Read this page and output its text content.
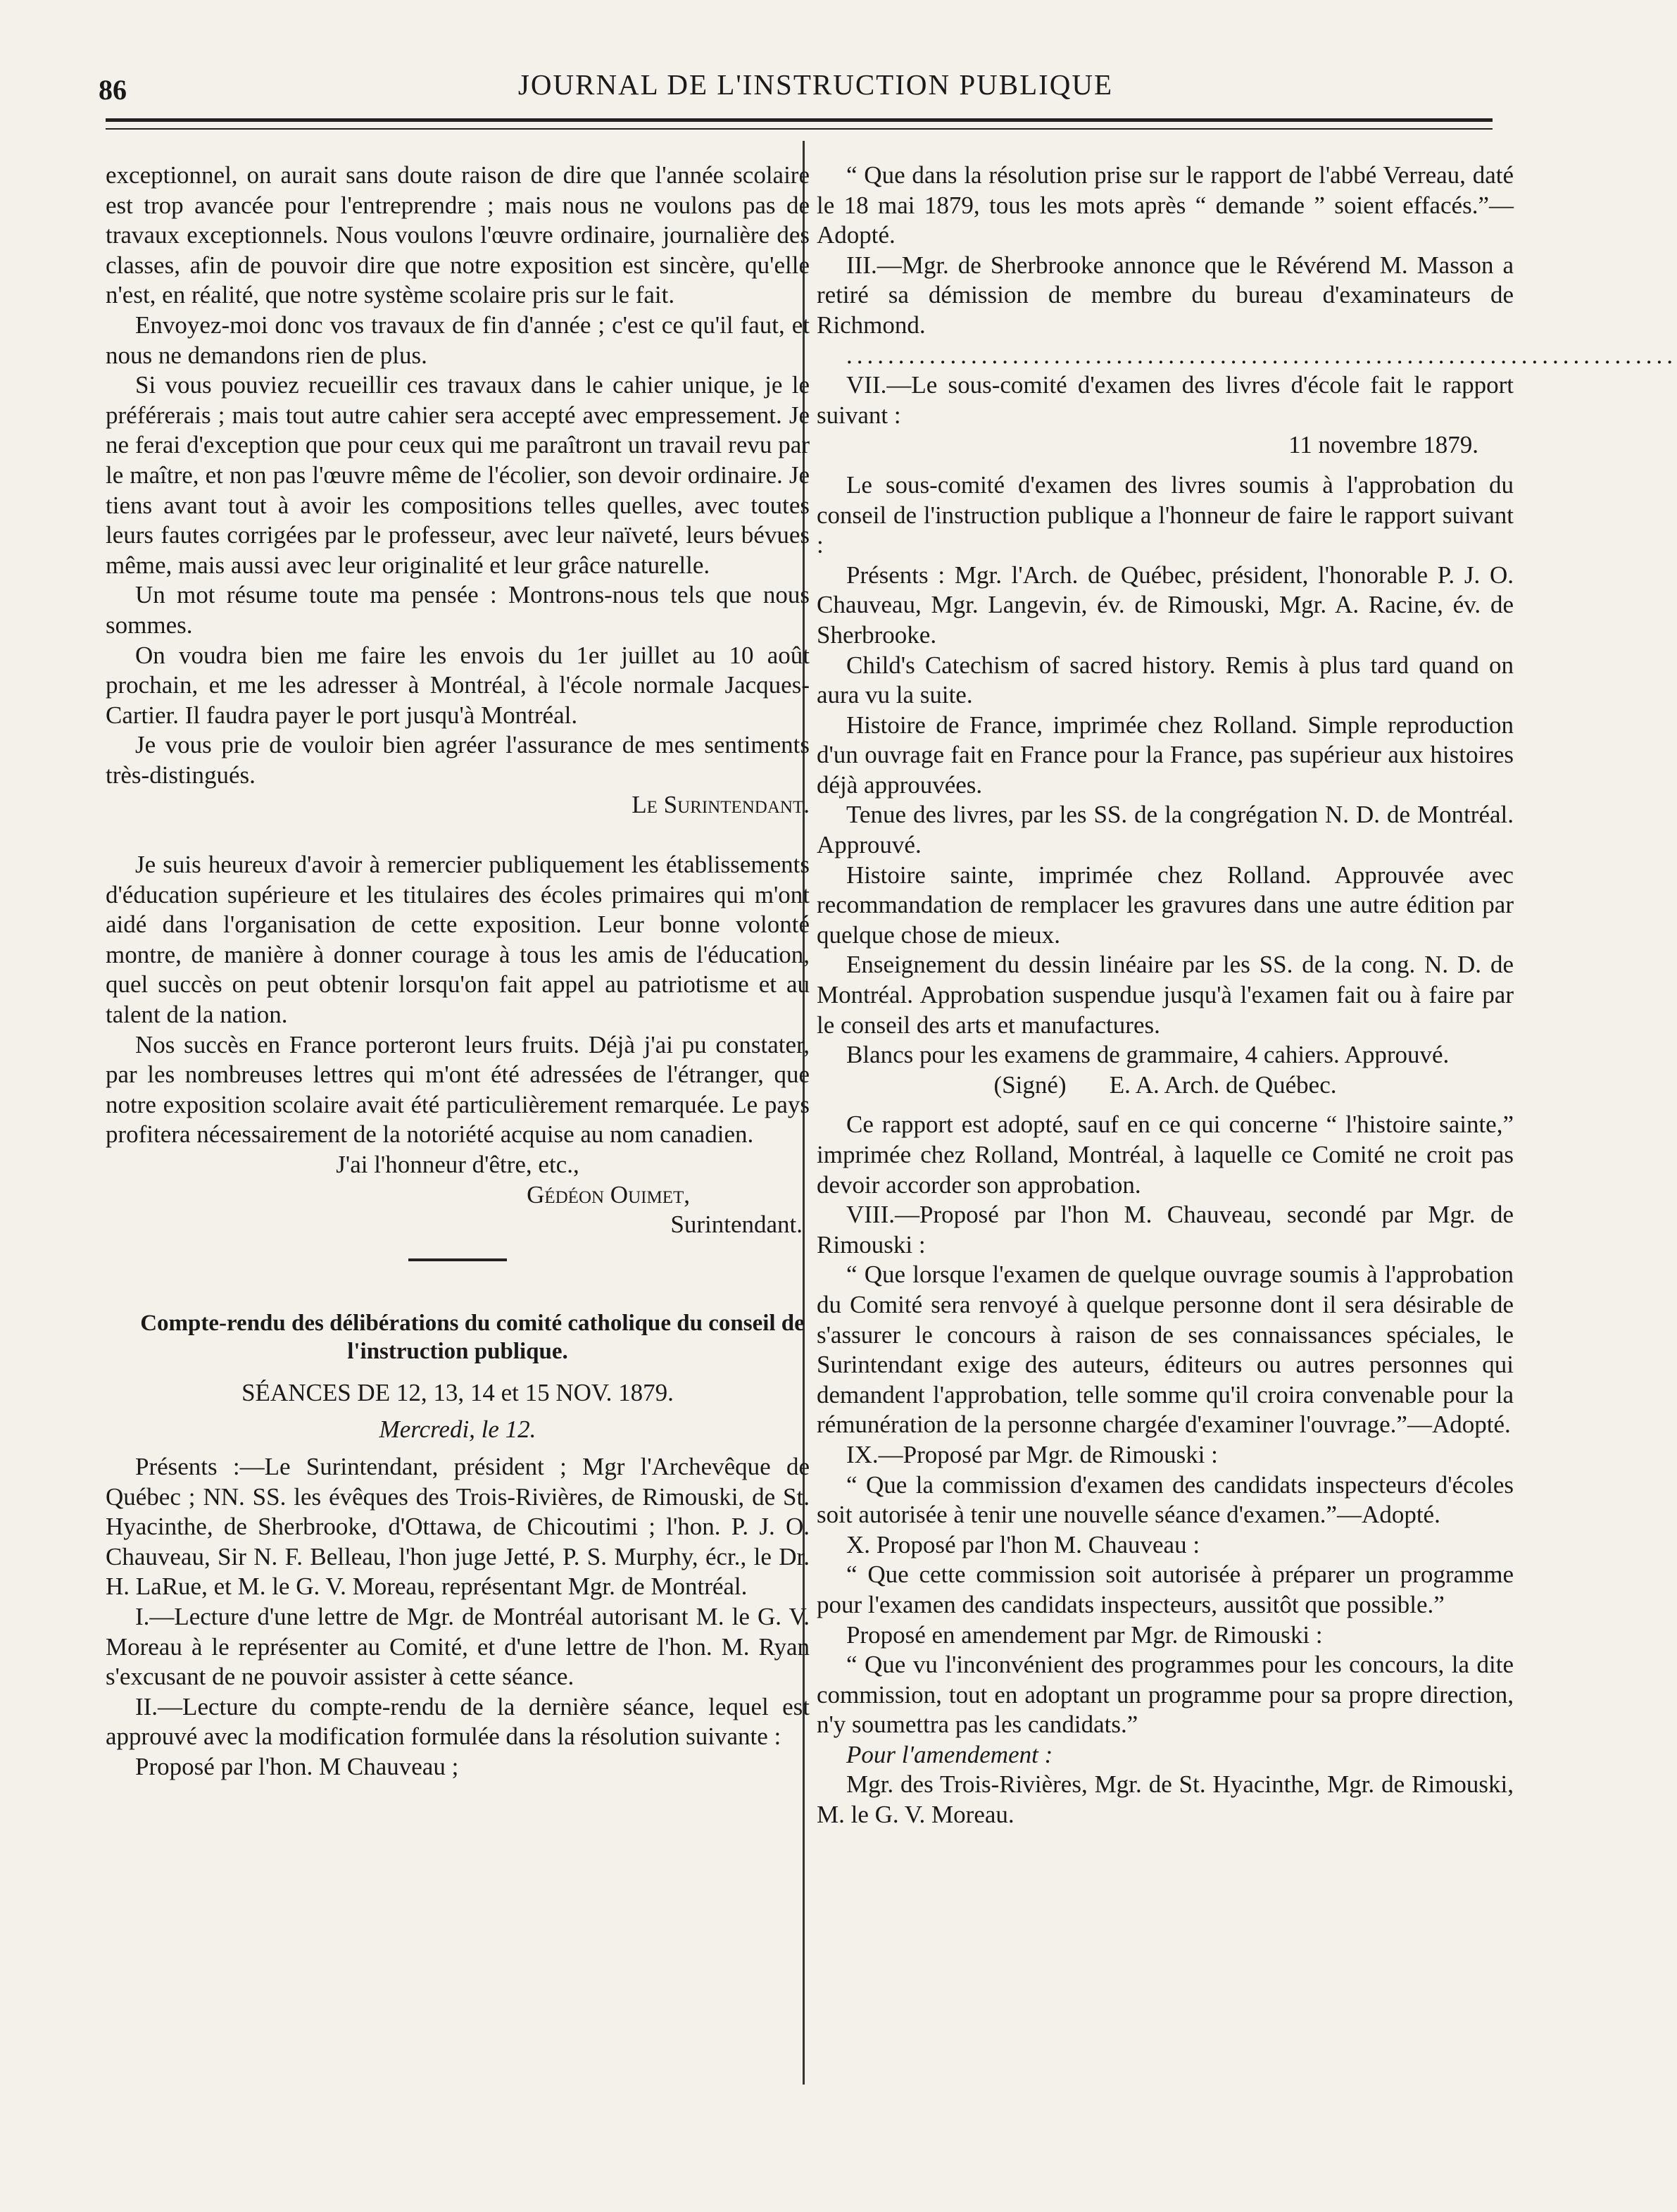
86	JOURNAL DE L'INSTRUCTION PUBLIQUE

exceptionnel, on aurait sans doute raison de dire que l'année scolaire est trop avancée pour l'entreprendre ; mais nous ne voulons pas de travaux exceptionnels. Nous voulons l'œuvre ordinaire, journalière des classes, afin de pouvoir dire que notre exposition est sincère, qu'elle n'est, en réalité, que notre système scolaire pris sur le fait.

Envoyez-moi donc vos travaux de fin d'année ; c'est ce qu'il faut, et nous ne demandons rien de plus.

Si vous pouviez recueillir ces travaux dans le cahier unique, je le préférerais ; mais tout autre cahier sera accepté avec empressement. Je ne ferai d'exception que pour ceux qui me paraîtront un travail revu par le maître, et non pas l'œuvre même de l'écolier, son devoir ordinaire. Je tiens avant tout à avoir les compositions telles quelles, avec toutes leurs fautes corrigées par le professeur, avec leur naïveté, leurs bévues même, mais aussi avec leur originalité et leur grâce naturelle.

Un mot résume toute ma pensée : Montrons-nous tels que nous sommes.

On voudra bien me faire les envois du 1er juillet au 10 août prochain, et me les adresser à Montréal, à l'école normale Jacques-Cartier. Il faudra payer le port jusqu'à Montréal.

Je vous prie de vouloir bien agréer l'assurance de mes sentiments très-distingués.

Le Surintendant.

Je suis heureux d'avoir à remercier publiquement les établissements d'éducation supérieure et les titulaires des écoles primaires qui m'ont aidé dans l'organisation de cette exposition. Leur bonne volonté montre, de manière à donner courage à tous les amis de l'éducation, quel succès on peut obtenir lorsqu'on fait appel au patriotisme et au talent de la nation.

Nos succès en France porteront leurs fruits. Déjà j'ai pu constater, par les nombreuses lettres qui m'ont été adressées de l'étranger, que notre exposition scolaire avait été particulièrement remarquée. Le pays profitera nécessairement de la notoriété acquise au nom canadien.

J'ai l'honneur d'être, etc.,

Gédéon Ouimet,

Surintendant.

Compte-rendu des délibérations du comité catholique du conseil de l'instruction publique.

SÉANCES DE 12, 13, 14 et 15 NOV. 1879.

Mercredi, le 12.

Présents :—Le Surintendant, président ; Mgr l'Archevêque de Québec ; NN. SS. les évêques des Trois-Rivières, de Rimouski, de St. Hyacinthe, de Sherbrooke, d'Ottawa, de Chicoutimi ; l'hon. P. J. O. Chauveau, Sir N. F. Belleau, l'hon juge Jetté, P. S. Murphy, écr., le Dr. H. LaRue, et M. le G. V. Moreau, représentant Mgr. de Montréal.

I.—Lecture d'une lettre de Mgr. de Montréal autorisant M. le G. V. Moreau à le représenter au Comité, et d'une lettre de l'hon. M. Ryan s'excusant de ne pouvoir assister à cette séance.

II.—Lecture du compte-rendu de la dernière séance, lequel est approuvé avec la modification formulée dans la résolution suivante :

Proposé par l'hon. M Chauveau ;

“ Que dans la résolution prise sur le rapport de l'abbé Verreau, daté le 18 mai 1879, tous les mots après “ demande ” soient effacés.”—Adopté.

III.—Mgr. de Sherbrooke annonce que le Révérend M. Masson a retiré sa démission de membre du bureau d'examinateurs de Richmond.

................................................................................

VII.—Le sous-comité d'examen des livres d'école fait le rapport suivant :

11 novembre 1879.

Le sous-comité d'examen des livres soumis à l'approbation du conseil de l'instruction publique a l'honneur de faire le rapport suivant :

Présents : Mgr. l'Arch. de Québec, président, l'honorable P. J. O. Chauveau, Mgr. Langevin, év. de Rimouski, Mgr. A. Racine, év. de Sherbrooke.

Child's Catechism of sacred history. Remis à plus tard quand on aura vu la suite.

Histoire de France, imprimée chez Rolland. Simple reproduction d'un ouvrage fait en France pour la France, pas supérieur aux histoires déjà approuvées.

Tenue des livres, par les SS. de la congrégation N. D. de Montréal. Approuvé.

Histoire sainte, imprimée chez Rolland. Approuvée avec recommandation de remplacer les gravures dans une autre édition par quelque chose de mieux.

Enseignement du dessin linéaire par les SS. de la cong. N. D. de Montréal. Approbation suspendue jusqu'à l'examen fait ou à faire par le conseil des arts et manufactures.

Blancs pour les examens de grammaire, 4 cahiers. Approuvé.

(Signé)       E. A. Arch. de Québec.

Ce rapport est adopté, sauf en ce qui concerne “ l'histoire sainte,” imprimée chez Rolland, Montréal, à laquelle ce Comité ne croit pas devoir accorder son approbation.

VIII.—Proposé par l'hon M. Chauveau, secondé par Mgr. de Rimouski :

“ Que lorsque l'examen de quelque ouvrage soumis à l'approbation du Comité sera renvoyé à quelque personne dont il sera désirable de s'assurer le concours à raison de ses connaissances spéciales, le Surintendant exige des auteurs, éditeurs ou autres personnes qui demandent l'approbation, telle somme qu'il croira convenable pour la rémunération de la personne chargée d'examiner l'ouvrage.”—Adopté.

IX.—Proposé par Mgr. de Rimouski :

“ Que la commission d'examen des candidats inspecteurs d'écoles soit autorisée à tenir une nouvelle séance d'examen.”—Adopté.

X. Proposé par l'hon M. Chauveau :

“ Que cette commission soit autorisée à préparer un programme pour l'examen des candidats inspecteurs, aussitôt que possible.”

Proposé en amendement par Mgr. de Rimouski :

“ Que vu l'inconvénient des programmes pour les concours, la dite commission, tout en adoptant un programme pour sa propre direction, n'y soumettra pas les candidats.”

Pour l'amendement :

Mgr. des Trois-Rivières, Mgr. de St. Hyacinthe, Mgr. de Rimouski, M. le G. V. Moreau.
